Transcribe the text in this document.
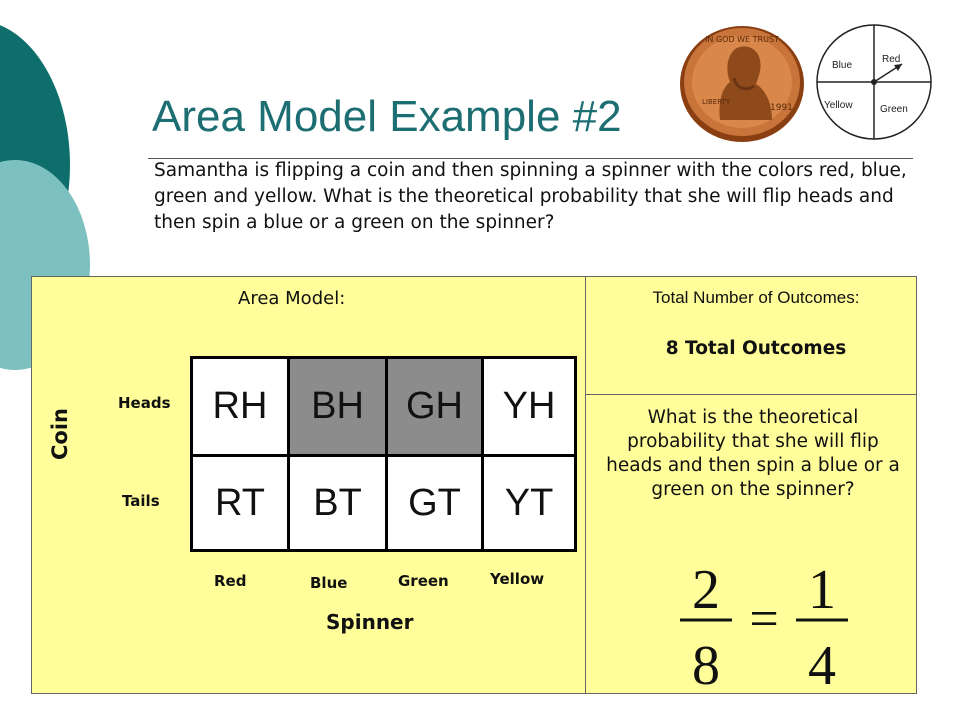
Area Model Example #2
Samantha is flipping a coin and then spinning a spinner with the colors red, blue, green and yellow. What is the theoretical probability that she will flip heads and then spin a blue or a green on the spinner?
IN GOD WE TRUST
LIBERTY
1991
Red
Blue
Yellow	Green
Area Model:	Total Number of Outcomes:
8 Total Outcomes
What is the theoretical probability that she will flip heads and then spin a blue or a green on the spinner?
Heads
Tails
Coin
RH	BH	GH	YH
RT	BT	GT	YT
Red	Blue	Green	Yellow
Spinner
2
8
= 1
4
